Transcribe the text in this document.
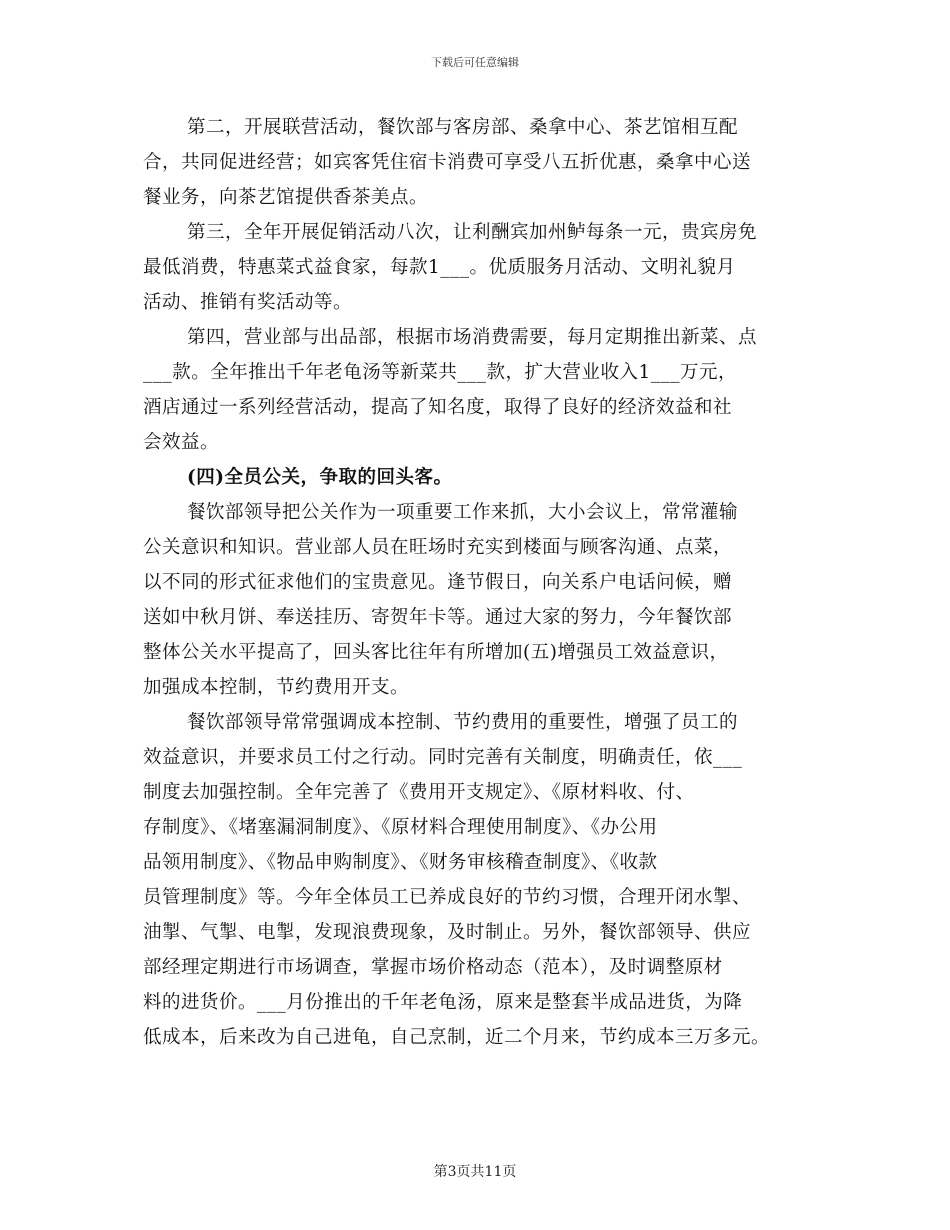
下载后可任意编辑
第二，开展联营活动，餐饮部与客房部、桑拿中心、茶艺馆相互配
合，共同促进经营；如宾客凭住宿卡消费可享受八五折优惠，桑拿中心送
餐业务，向茶艺馆提供香茶美点。
第三，全年开展促销活动八次，让利酬宾加州鲈每条一元，贵宾房免
最低消费，特惠菜式益食家，每款1___。优质服务月活动、文明礼貌月
活动、推销有奖活动等。
第四，营业部与出品部，根据市场消费需要，每月定期推出新菜、点
___款。全年推出千年老龟汤等新菜共___款，扩大营业收入1___万元，
酒店通过一系列经营活动，提高了知名度，取得了良好的经济效益和社
会效益。
(四)全员公关，争取的回头客。
餐饮部领导把公关作为一项重要工作来抓，大小会议上，常常灌输
公关意识和知识。营业部人员在旺场时充实到楼面与顾客沟通、点菜，
以不同的形式征求他们的宝贵意见。逢节假日，向关系户电话问候，赠
送如中秋月饼、奉送挂历、寄贺年卡等。通过大家的努力，今年餐饮部
整体公关水平提高了，回头客比往年有所增加(五)增强员工效益意识，
加强成本控制，节约费用开支。
餐饮部领导常常强调成本控制、节约费用的重要性，增强了员工的
效益意识，并要求员工付之行动。同时完善有关制度，明确责任，依___
制度去加强控制。全年完善了《费用开支规定》、《原材料收、付、
存制度》、《堵塞漏洞制度》、《原材料合理使用制度》、《办公用
品领用制度》、《物品申购制度》、《财务审核稽查制度》、《收款
员管理制度》等。今年全体员工已养成良好的节约习惯，合理开闭水掣、
油掣、气掣、电掣，发现浪费现象，及时制止。另外，餐饮部领导、供应
部经理定期进行市场调查，掌握市场价格动态（范本），及时调整原材
料的进货价。___月份推出的千年老龟汤，原来是整套半成品进货，为降
低成本，后来改为自己进龟，自己烹制，近二个月来，节约成本三万多元。
第3页共11页
